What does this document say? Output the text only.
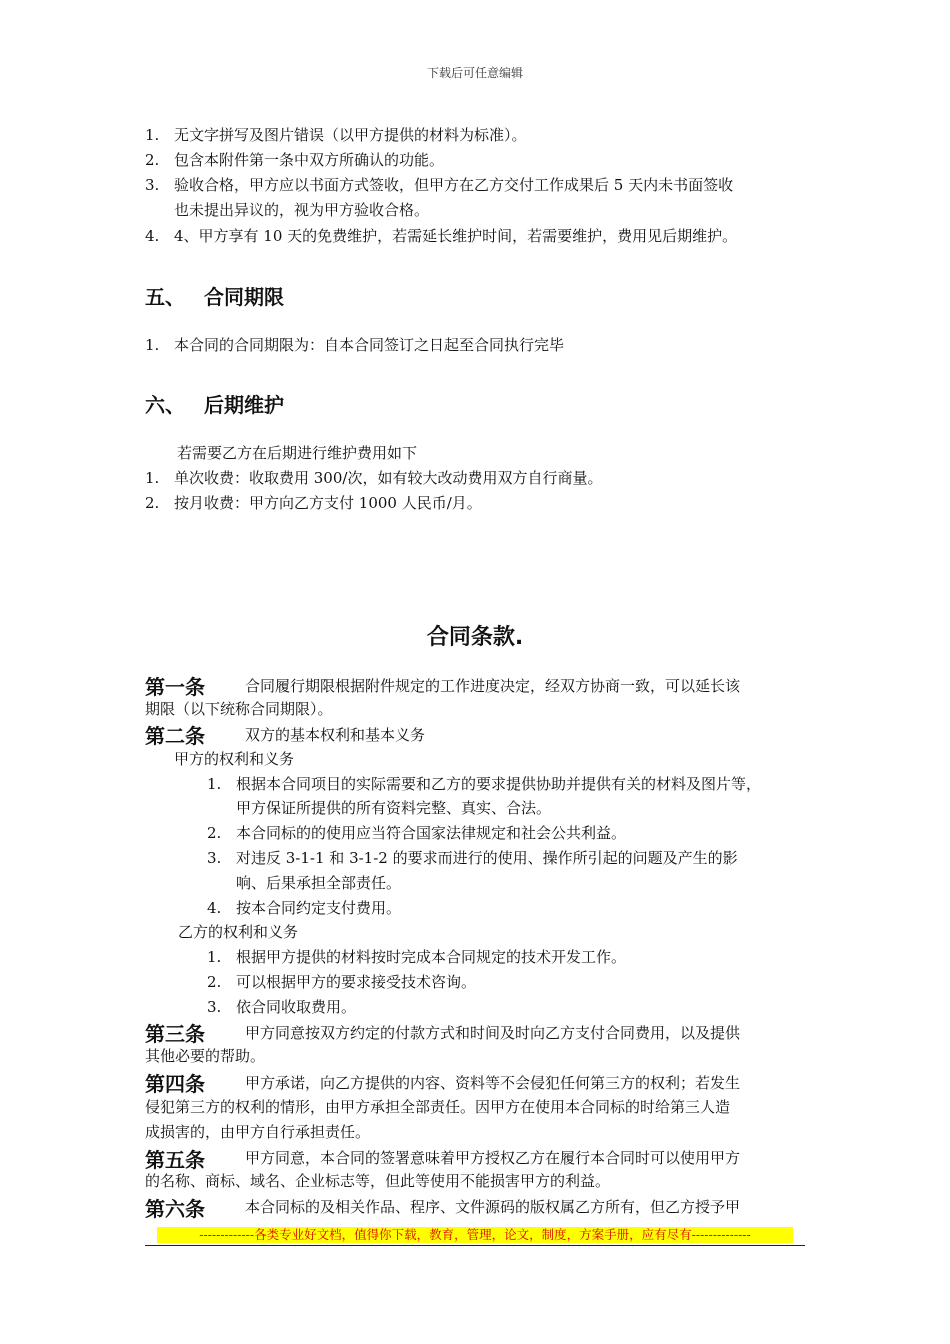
下载后可任意编辑
1. 无文字拼写及图片错误（以甲方提供的材料为标准）。
2. 包含本附件第一条中双方所确认的功能。
3. 验收合格，甲方应以书面方式签收，但甲方在乙方交付工作成果后 5 天内未书面签收
也未提出异议的，视为甲方验收合格。
4. 4、甲方享有 10 天的免费维护，若需延长维护时间，若需要维护，费用见后期维护。
五、 合同期限
1. 本合同的合同期限为：自本合同签订之日起至合同执行完毕
六、 后期维护
若需要乙方在后期进行维护费用如下
1. 单次收费：收取费用 300/次，如有较大改动费用双方自行商量。
2. 按月收费：甲方向乙方支付 1000 人民币/月。
合同条款.
第一条	合同履行期限根据附件规定的工作进度决定，经双方协商一致，可以延长该
期限（以下统称合同期限）。
第二条	双方的基本权利和基本义务
甲方的权利和义务
1. 根据本合同项目的实际需要和乙方的要求提供协助并提供有关的材料及图片等，
甲方保证所提供的所有资料完整、真实、合法。
2. 本合同标的的使用应当符合国家法律规定和社会公共利益。
3. 对违反 3-1-1 和 3-1-2 的要求而进行的使用、操作所引起的问题及产生的影
响、后果承担全部责任。
4. 按本合同约定支付费用。
乙方的权利和义务
1. 根据甲方提供的材料按时完成本合同规定的技术开发工作。
2. 可以根据甲方的要求接受技术咨询。
3. 依合同收取费用。
第三条	甲方同意按双方约定的付款方式和时间及时向乙方支付合同费用，以及提供
其他必要的帮助。
第四条	甲方承诺，向乙方提供的内容、资料等不会侵犯任何第三方的权利；若发生
侵犯第三方的权利的情形，由甲方承担全部责任。因甲方在使用本合同标的时给第三人造
成损害的，由甲方自行承担责任。
第五条	甲方同意，本合同的签署意味着甲方授权乙方在履行本合同时可以使用甲方
的名称、商标、域名、企业标志等，但此等使用不能损害甲方的利益。
第六条	本合同标的及相关作品、程序、文件源码的版权属乙方所有，但乙方授予甲
-------------各类专业好文档，值得你下载，教育，管理，论文，制度，方案手册，应有尽有--------------
